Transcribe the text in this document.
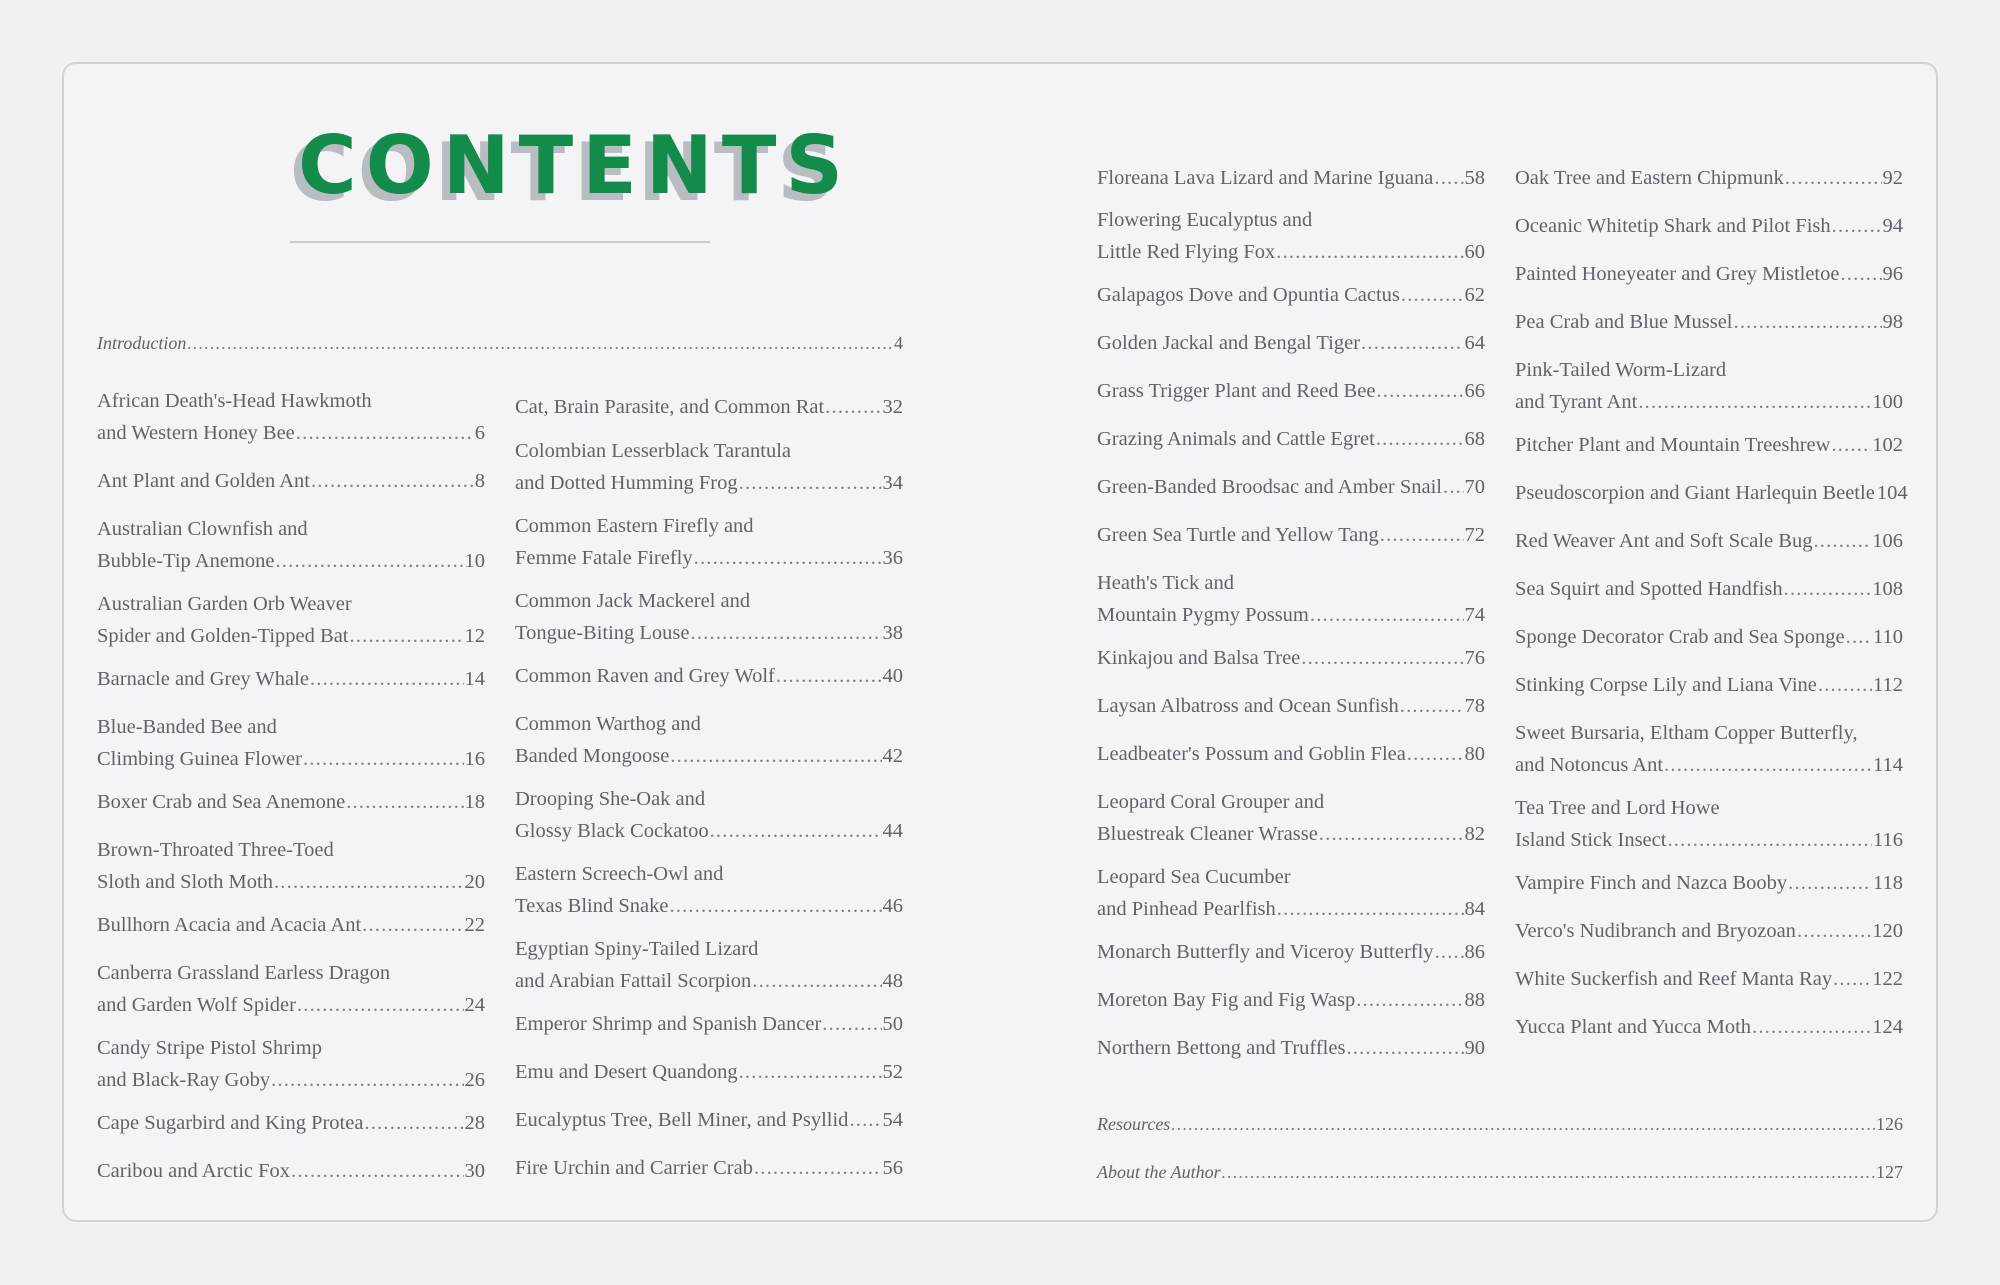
CONTENTS
Introduction .....	4
African Death's-Head Hawkmoth
and Western Honey Bee .....	6
Ant Plant and Golden Ant .....	8
Australian Clownfish and
Bubble-Tip Anemone .....	10
Australian Garden Orb Weaver
Spider and Golden-Tipped Bat .....	12
Barnacle and Grey Whale .....	14
Blue-Banded Bee and
Climbing Guinea Flower .....	16
Boxer Crab and Sea Anemone .....	18
Brown-Throated Three-Toed
Sloth and Sloth Moth .....	20
Bullhorn Acacia and Acacia Ant .....	22
Canberra Grassland Earless Dragon
and Garden Wolf Spider .....	24
Candy Stripe Pistol Shrimp
and Black-Ray Goby .....	26
Cape Sugarbird and King Protea .....	28
Caribou and Arctic Fox .....	30
Cat, Brain Parasite, and Common Rat .....	32
Colombian Lesserblack Tarantula
and Dotted Humming Frog .....	34
Common Eastern Firefly and
Femme Fatale Firefly .....	36
Common Jack Mackerel and
Tongue-Biting Louse .....	38
Common Raven and Grey Wolf .....	40
Common Warthog and
Banded Mongoose .....	42
Drooping She-Oak and
Glossy Black Cockatoo .....	44
Eastern Screech-Owl and
Texas Blind Snake .....	46
Egyptian Spiny-Tailed Lizard
and Arabian Fattail Scorpion .....	48
Emperor Shrimp and Spanish Dancer .....	50
Emu and Desert Quandong .....	52
Eucalyptus Tree, Bell Miner, and Psyllid ..... 54
Fire Urchin and Carrier Crab .....	56
Floreana Lava Lizard and Marine Iguana ..... 58
Flowering Eucalyptus and
Little Red Flying Fox .....	60
Galapagos Dove and Opuntia Cactus .....	62
Golden Jackal and Bengal Tiger .....	64
Grass Trigger Plant and Reed Bee .....	66
Grazing Animals and Cattle Egret .....	68
Green-Banded Broodsac and Amber Snail ..... 70
Green Sea Turtle and Yellow Tang .....	72
Heath's Tick and
Mountain Pygmy Possum .....	74
Kinkajou and Balsa Tree .....	76
Laysan Albatross and Ocean Sunfish .....	78
Leadbeater's Possum and Goblin Flea .....	80
Leopard Coral Grouper and
Bluestreak Cleaner Wrasse .....	82
Leopard Sea Cucumber
and Pinhead Pearlfish .....	84
Monarch Butterfly and Viceroy Butterfly ..... 86
Moreton Bay Fig and Fig Wasp .....	88
Northern Bettong and Truffles .....	90
Oak Tree and Eastern Chipmunk .....	92
Oceanic Whitetip Shark and Pilot Fish .....	94
Painted Honeyeater and Grey Mistletoe ..... 96
Pea Crab and Blue Mussel .....	98
Pink-Tailed Worm-Lizard
and Tyrant Ant .....	100
Pitcher Plant and Mountain Treeshrew ..... 102
Pseudoscorpion and Giant Harlequin Beetle 104
Red Weaver Ant and Soft Scale Bug .....	106
Sea Squirt and Spotted Handfish .....	108
Sponge Decorator Crab and Sea Sponge ..... 110
Stinking Corpse Lily and Liana Vine .....	112
Sweet Bursaria, Eltham Copper Butterfly,
and Notoncus Ant .....	114
Tea Tree and Lord Howe
Island Stick Insect .....	116
Vampire Finch and Nazca Booby .....	118
Verco's Nudibranch and Bryozoan .....	120
White Suckerfish and Reef Manta Ray ..... 122
Yucca Plant and Yucca Moth .....	124
Resources .....	126
About the Author .....	127
